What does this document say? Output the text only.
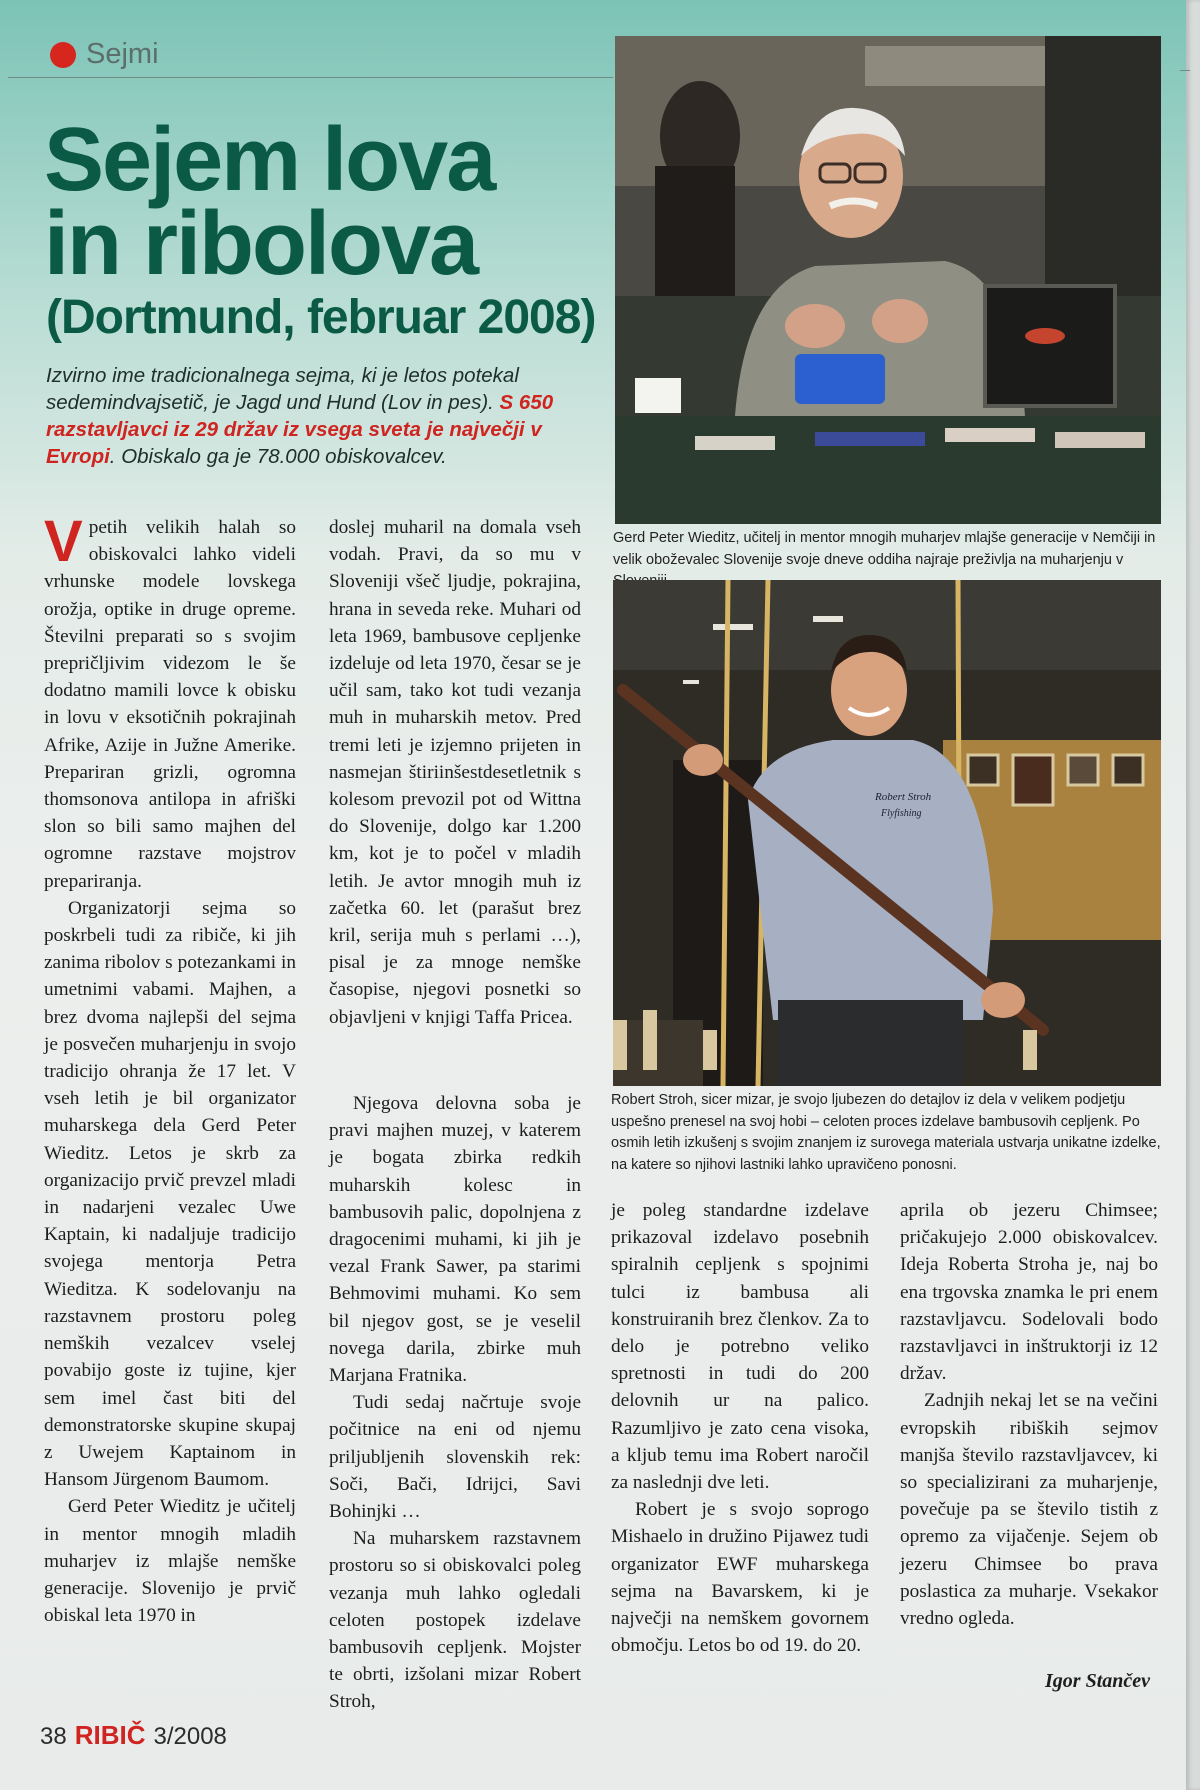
Sejmi
Sejem lova
in ribolova
(Dortmund, februar 2008)

Izvirno ime tradicionalnega sejma, ki je letos potekal sedemindvajsetič, je Jagd und Hund (Lov in pes). S 650 razstavljavci iz 29 držav iz vsega sveta je največji v Evropi. Obiskalo ga je 78.000 obiskovalcev.

Vpetih velikih halah so obiskovalci lahko videli vrhunske modele lovskega orožja, optike in druge opreme. Številni preparati so s svojim prepričljivim videzom le še dodatno mamili lovce k obisku in lovu v eksotičnih pokrajinah Afrike, Azije in Južne Amerike. Prepariran grizli, ogromna thomsonova antilopa in afriški slon so bili samo majhen del ogromne razstave mojstrov prepariranja.

Organizatorji sejma so poskrbeli tudi za ribiče, ki jih zanima ribolov s potezankami in umetnimi vabami. Majhen, a brez dvoma najlepši del sejma je posvečen muharjenju in svojo tradicijo ohranja že 17 let. V vseh letih je bil organizator muharskega dela Gerd Peter Wieditz. Letos je skrb za organizacijo prvič prevzel mladi in nadarjeni vezalec Uwe Kaptain, ki nadaljuje tradicijo svojega mentorja Petra Wieditza. K sodelovanju na razstavnem prostoru poleg nemških vezalcev vselej povabijo goste iz tujine, kjer sem imel čast biti del demonstratorske skupine skupaj z Uwejem Kaptainom in Hansom Jürgenom Baumom.

Gerd Peter Wieditz je učitelj in mentor mnogih mladih muharjev iz mlajše nemške generacije. Slovenijo je prvič obiskal leta 1970 in

doslej muharil na domala vseh vodah. Pravi, da so mu v Sloveniji všeč ljudje, pokrajina, hrana in seveda reke. Muhari od leta 1969, bambusove cepljenke izdeluje od leta 1970, česar se je učil sam, tako kot tudi vezanja muh in muharskih metov. Pred tremi leti je izjemno prijeten in nasmejan štiriinšestdesetletnik s kolesom prevozil pot od Wittna do Slovenije, dolgo kar 1.200 km, kot je to počel v mladih letih. Je avtor mnogih muh iz začetka 60. let (parašut brez kril, serija muh s perlami …), pisal je za mnoge nemške časopise, njegovi posnetki so objavljeni v knjigi Taffa Pricea.

Njegova delovna soba je pravi majhen muzej, v katerem je bogata zbirka redkih muharskih kolesc in bambusovih palic, dopolnjena z dragocenimi muhami, ki jih je vezal Frank Sawer, pa starimi Behmovimi muhami. Ko sem bil njegov gost, se je veselil novega darila, zbirke muh Marjana Fratnika.

Tudi sedaj načrtuje svoje počitnice na eni od njemu priljubljenih slovenskih rek: Soči, Bači, Idrijci, Savi Bohinjki …

Na muharskem razstavnem prostoru so si obiskovalci poleg vezanja muh lahko ogledali celoten postopek izdelave bambusovih cepljenk. Mojster te obrti, izšolani mizar Robert Stroh,

je poleg standardne izdelave prikazoval izdelavo posebnih spiralnih cepljenk s spojnimi tulci iz bambusa ali konstruiranih brez členkov. Za to delo je potrebno veliko spretnosti in tudi do 200 delovnih ur na palico. Razumljivo je zato cena visoka, a kljub temu ima Robert naročil za naslednji dve leti.

Robert je s svojo soprogo Mishaelo in družino Pijawez tudi organizator EWF muharskega sejma na Bavarskem, ki je največji na nemškem govornem območju. Letos bo od 19. do 20.

aprila ob jezeru Chimsee; pričakujejo 2.000 obiskovalcev. Ideja Roberta Stroha je, naj bo ena trgovska znamka le pri enem razstavljavcu. Sodelovali bodo razstavljavci in inštruktorji iz 12 držav.

Zadnjih nekaj let se na večini evropskih ribiških sejmov manjša število razstavljavcev, ki so specializirani za muharjenje, povečuje pa se število tistih z opremo za vijačenje. Sejem ob jezeru Chimsee bo prava poslastica za muharje. Vsekakor vredno ogleda.

Gerd Peter Wieditz, učitelj in mentor mnogih muharjev mlajše generacije v Nemčiji in velik oboževalec Slovenije svoje dneve oddiha najraje preživlja na muharjenju v

Robert Stroh
Flyfishing

Robert Stroh, sicer mizar, je svojo ljubezen do detajlov iz dela v velikem podjetju uspešno prenesel na svoj hobi – celoten proces izdelave bambusovih cepljenk. Po osmih letih izkušenj s svojim znanjem iz surovega materiala ustvarja unikatne izdelke, na katere so njihovi lastniki lahko upravičeno ponosni.

Igor Stančev
38 RIBIČ 3/2008
